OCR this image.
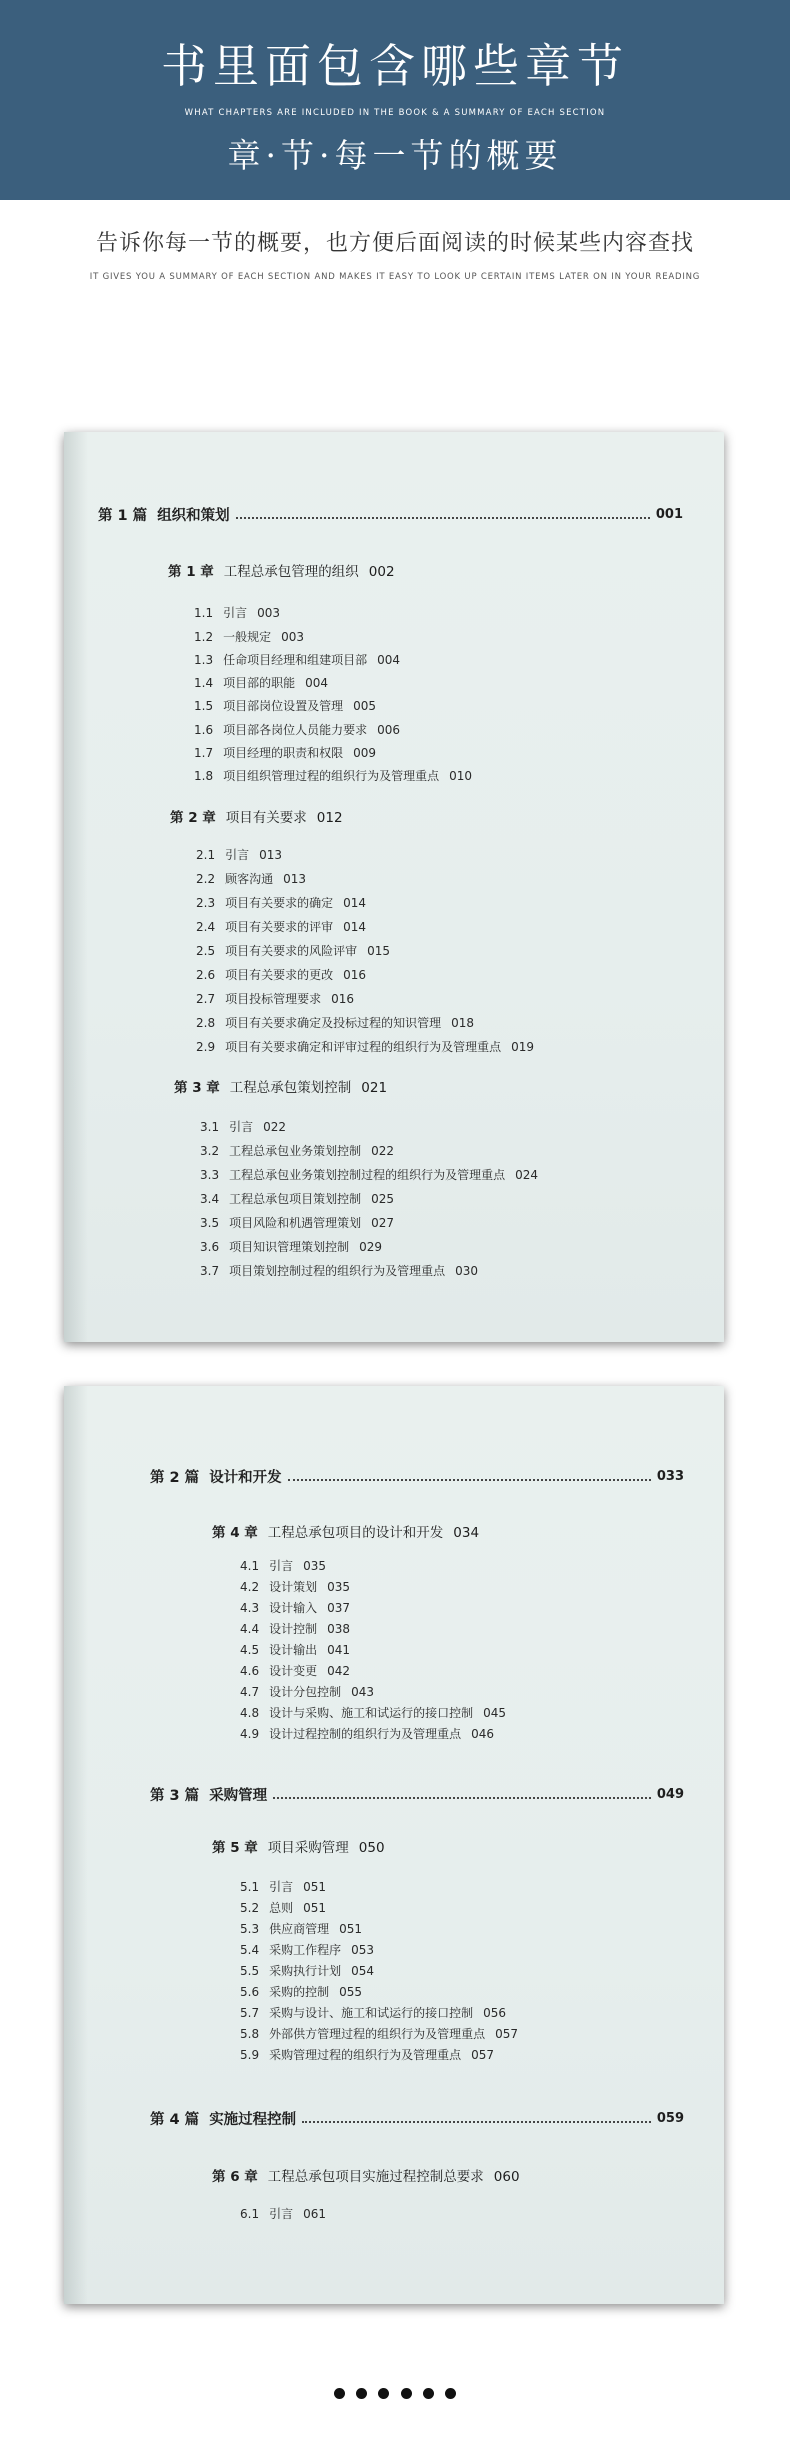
书里面包含哪些章节
WHAT CHAPTERS ARE INCLUDED IN THE BOOK & A SUMMARY OF EACH SECTION
章·节·每一节的概要
告诉你每一节的概要，也方便后面阅读的时候某些内容查找
IT GIVES YOU A SUMMARY OF EACH SECTION AND MAKES IT EASY TO LOOK UP CERTAIN ITEMS LATER ON IN YOUR READING
第 1 篇 组织和策划	001
第 1 章 工程总承包管理的组织 002
1.1 引言 003
1.2 一般规定 003
1.3 任命项目经理和组建项目部 004
1.4 项目部的职能 004
1.5 项目部岗位设置及管理 005
1.6 项目部各岗位人员能力要求 006
1.7 项目经理的职责和权限 009
1.8 项目组织管理过程的组织行为及管理重点 010
第 2 章 项目有关要求 012
2.1 引言 013
2.2 顾客沟通 013
2.3 项目有关要求的确定 014
2.4 项目有关要求的评审 014
2.5 项目有关要求的风险评审 015
2.6 项目有关要求的更改 016
2.7 项目投标管理要求 016
2.8 项目有关要求确定及投标过程的知识管理 018
2.9 项目有关要求确定和评审过程的组织行为及管理重点 019
第 3 章 工程总承包策划控制 021
3.1 引言 022
3.2 工程总承包业务策划控制 022
3.3 工程总承包业务策划控制过程的组织行为及管理重点 024
3.4 工程总承包项目策划控制 025
3.5 项目风险和机遇管理策划 027
3.6 项目知识管理策划控制 029
3.7 项目策划控制过程的组织行为及管理重点 030
第 2 篇 设计和开发	033
第 4 章 工程总承包项目的设计和开发 034
4.1 引言 035
4.2 设计策划 035
4.3 设计输入 037
4.4 设计控制 038
4.5 设计输出 041
4.6 设计变更 042
4.7 设计分包控制 043
4.8 设计与采购、施工和试运行的接口控制 045
4.9 设计过程控制的组织行为及管理重点 046
第 3 篇 采购管理	049
第 5 章 项目采购管理 050
5.1 引言 051
5.2 总则 051
5.3 供应商管理 051
5.4 采购工作程序 053
5.5 采购执行计划 054
5.6 采购的控制 055
5.7 采购与设计、施工和试运行的接口控制 056
5.8 外部供方管理过程的组织行为及管理重点 057
5.9 采购管理过程的组织行为及管理重点 057
第 4 篇 实施过程控制	059
第 6 章 工程总承包项目实施过程控制总要求 060
6.1 引言 061
